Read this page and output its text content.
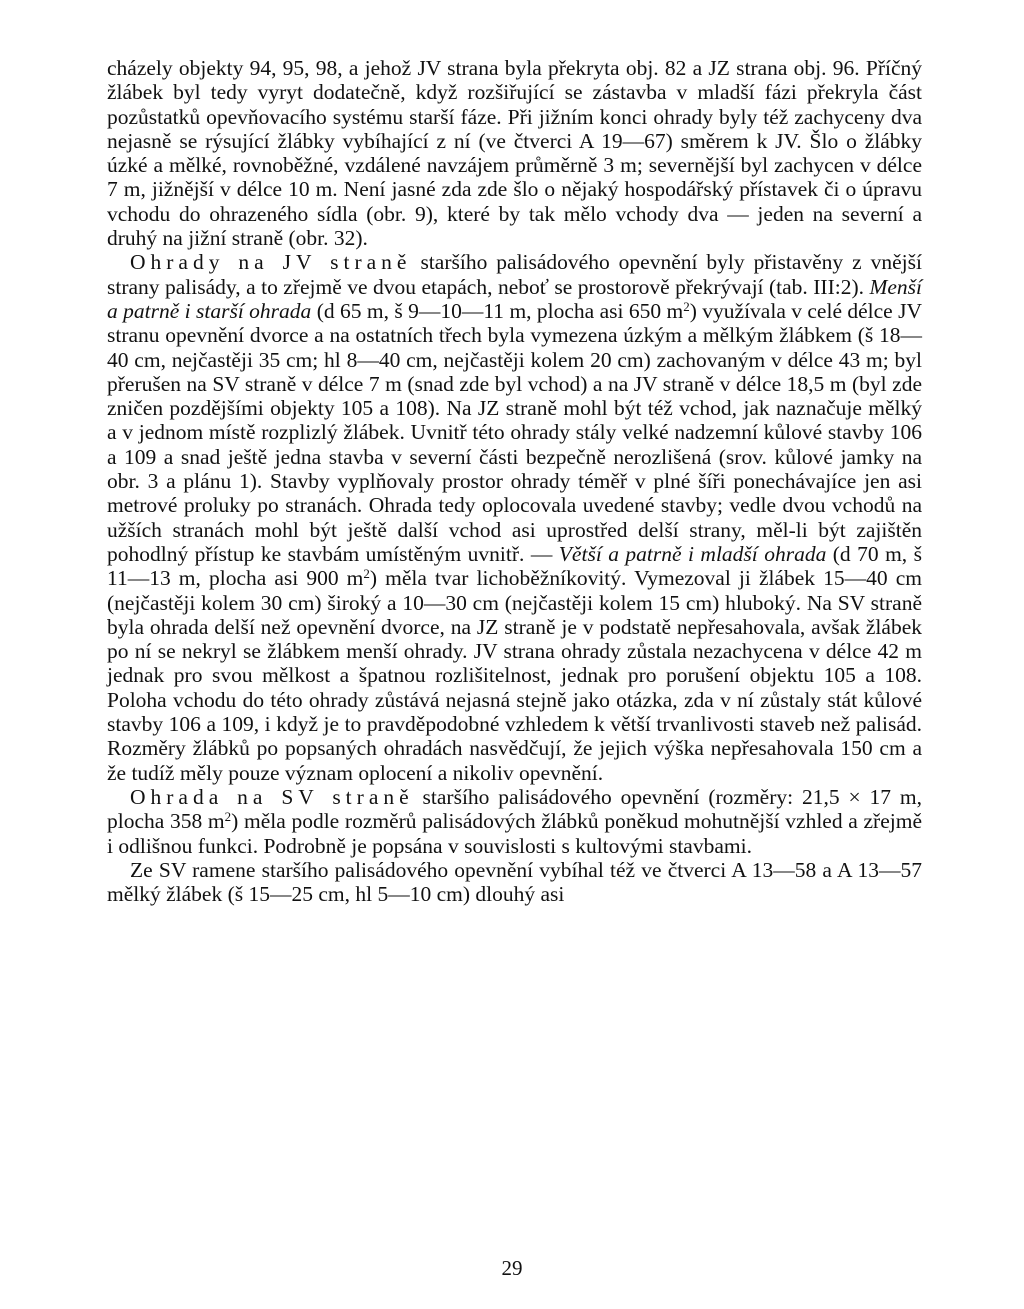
cházely objekty 94, 95, 98, a jehož JV strana byla překryta obj. 82 a JZ strana obj. 96. Příčný žlábek byl tedy vyryt dodatečně, když rozšiřující se zástavba v mladší fázi překryla část pozůstatků opevňovacího systému starší fáze. Při jižním konci ohrady byly též zachyceny dva nejasně se rýsující žlábky vybíhající z ní (ve čtverci A 19—67) směrem k JV. Šlo o žlábky úzké a mělké, rovnoběžné, vzdálené navzájem průměrně 3 m; severnější byl zachycen v délce 7 m, jižnější v délce 10 m. Není jasné zda zde šlo o nějaký hospodářský přístavek či o úpravu vchodu do ohrazeného sídla (obr. 9), které by tak mělo vchody dva — jeden na severní a druhý na jižní straně (obr. 32).

Ohrady na JV straně staršího palisádového opevnění byly přistavěny z vnější strany palisády, a to zřejmě ve dvou etapách, neboť se prostorově překrývají (tab. III:2). Menší a patrně i starší ohrada (d 65 m, š 9—10—11 m, plocha asi 650 $m^2$) využívala v celé délce JV stranu opevnění dvorce a na ostatních třech byla vymezena úzkým a mělkým žlábkem (š 18—40 cm, nejčastěji 35 cm; hl 8—40 cm, nejčastěji kolem 20 cm) zachovaným v délce 43 m; byl přerušen na SV straně v délce 7 m (snad zde byl vchod) a na JV straně v délce 18,5 m (byl zde zničen pozdějšími objekty 105 a 108). Na JZ straně mohl být též vchod, jak naznačuje mělký a v jednom místě rozplizlý žlábek. Uvnitř této ohrady stály velké nadzemní kůlové stavby 106 a 109 a snad ještě jedna stavba v severní části bezpečně nerozlišená (srov. kůlové jamky na obr. 3 a plánu 1). Stavby vyplňovaly prostor ohrady téměř v plné šíři ponechávajíce jen asi metrové proluky po stranách. Ohrada tedy oplocovala uvedené stavby; vedle dvou vchodů na užších stranách mohl být ještě další vchod asi uprostřed delší strany, měl-li být zajištěn pohodlný přístup ke stavbám umístěným uvnitř. — Větší a patrně i mladší ohrada (d 70 m, š 11—13 m, plocha asi 900 $m^2$) měla tvar lichoběžníkovitý. Vymezoval ji žlábek 15—40 cm (nejčastěji kolem 30 cm) široký a 10—30 cm (nejčastěji kolem 15 cm) hluboký. Na SV straně byla ohrada delší než opevnění dvorce, na JZ straně je v podstatě nepřesahovala, avšak žlábek po ní se nekryl se žlábkem menší ohrady. JV strana ohrady zůstala nezachycena v délce 42 m jednak pro svou mělkost a špatnou rozlišitelnost, jednak pro porušení objektu 105 a 108. Poloha vchodu do této ohrady zůstává nejasná stejně jako otázka, zda v ní zůstaly stát kůlové stavby 106 a 109, i když je to pravděpodobné vzhledem k větší trvanlivosti staveb než palisád. Rozměry žlábků po popsaných ohradách nasvědčují, že jejich výška nepřesahovala 150 cm a že tudíž měly pouze význam oplocení a nikoliv opevnění.

Ohrada na SV straně staršího palisádového opevnění (rozměry: 21,5 × 17 m, plocha 358 $m^2$) měla podle rozměrů palisádových žlábků poněkud mohutnější vzhled a zřejmě i odlišnou funkci. Podrobně je popsána v souvislosti s kultovými stavbami.

Ze SV ramene staršího palisádového opevnění vybíhal též ve čtverci A 13—58 a A 13—57 mělký žlábek (š 15—25 cm, hl 5—10 cm) dlouhý asi

29
